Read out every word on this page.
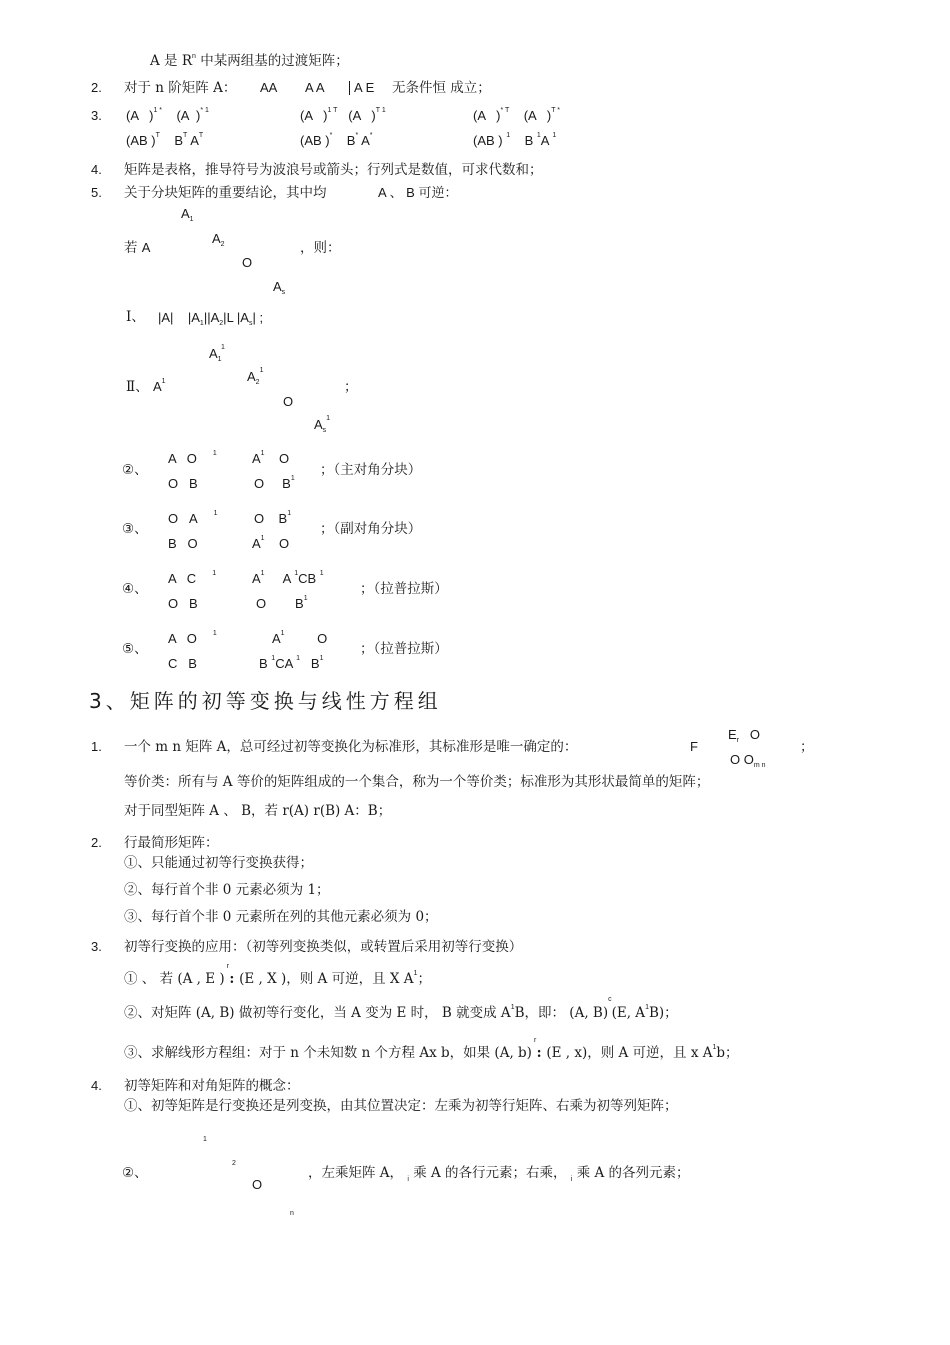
A 是 $R^n$ 中某两组基的过渡矩阵；
2. 对于 n 阶矩阵 A： AA A A A E 无条件恒 成立；
3. (A   )$^{1 *}$    (A  )$^{* 1}$	(A   )$^{1 T}$   (A   )$^{T 1}$	(A   )$^{* T}$    (A   )$^{T *}$
(AB )$^T$    $B^T$ $A^T$	(AB )*    B* A*	(AB ) $^1$    B $^1$A $^1$
4. 矩阵是表格，推导符号为波浪号或箭头；行列式是数值，可求代数和；
5. 关于分块矩阵的重要结论，其中均	A 、 B 可逆：
$A_1$
若 A
$A_2$	，则：
O
$A_s$
Ⅰ、 |A|    $|A_1||A_2|L$ $|A_s|$ ;
$A_1^1$
Ⅱ、 $A^1$	$A_2^1$
；
O
$A_s^1$
②、
A   O $^1$
O   B
$A^1$    O
O     $B^1$
；（主对角分块）
③、
O   A $^1$
B   O
O    $B^1$
$A^1$    O
；（副对角分块）
④、
A   C $^1$
O   B
$A^1$     A $^1$CB $^1$
O        $B^1$
；（拉普拉斯）
⑤、
A   O $^1$
C   B
$A^1$         O
B $^1$CA $^1$   $B^1$
；（拉普拉斯）
3、矩阵的初等变换与线性方程组
$E_r$ O
1. 一个 m n 矩阵 A，总可经过初等变换化为标准形，其标准形是唯一确定的：	F	；
O $O_{m n}$
等价类：所有与 A 等价的矩阵组成的一个集合，称为一个等价类；标准形为其形状最简单的矩阵；
对于同型矩阵 A 、 B，若 r(A) r(B) A：B；
2. 行最简形矩阵：
①、只能通过初等行变换获得；
②、每行首个非 0 元素必须为 1；
③、每行首个非 0 元素所在列的其他元素必须为 0；
3. 初等行变换的应用：（初等列变换类似，或转置后采用初等行变换）
① 、 若 (A , E )
r
: (E , X )，则 A 可逆，且 X $A^1$；
②、对矩阵 (A, B) 做初等行变化，当 A 变为 E 时， B 就变成 $A^1B$，即： (A, B)$^c$(E, $A^1B$)；
③、求解线形方程组：对于 n 个未知数 n 个方程 Ax b，如果 (A, b)
r
: (E , x)，则 A 可逆，且 x $A^1b$；
4. 初等矩阵和对角矩阵的概念：
①、初等矩阵是行变换还是列变换，由其位置决定：左乘为初等行矩阵、右乘为初等列矩阵；
1
2
②、	，左乘矩阵 A， $_i$ 乘 A 的各行元素；右乘， $_i$ 乘 A 的各列元素；
O
n
